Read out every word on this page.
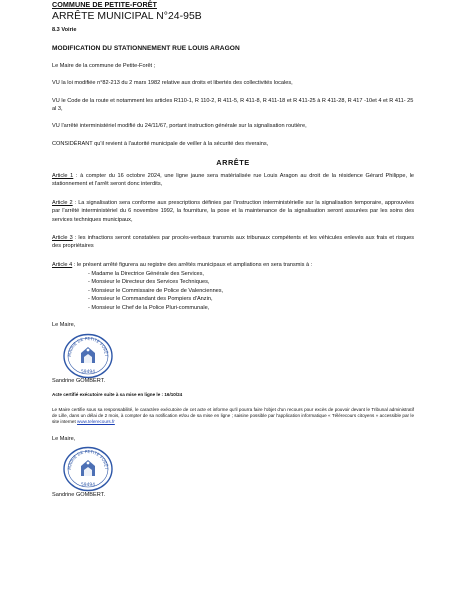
COMMUNE DE PETITE-FORÊT

ARRÊTE MUNICIPAL N°24-95B

8.3 Voirie

MODIFICATION DU STATIONNEMENT RUE LOUIS ARAGON

Le Maire de la commune de Petite-Forêt ;

VU la loi modifiée n°82-213 du 2 mars 1982 relative aux droits et libertés des collectivités locales,

VU le Code de la route et notamment les articles R110-1, R 110-2, R 411-5, R 411-8, R 411-18 et R 411-25 à R 411-28, R 417 -10et 4 et R 411- 25 al 3,

VU l'arrêté interministériel modifié du 24/11/67, portant instruction générale sur la signalisation routière,

CONSIDÉRANT qu'il revient à l'autorité municipale de veiller à la sécurité des riverains,

ARRÊTE

Article 1 : à compter du 16 octobre 2024, une ligne jaune sera matérialisée rue Louis Aragon au droit de la résidence Gérard Philippe, le stationnement et l'arrêt seront donc interdits,

Article 2 : La signalisation sera conforme aux prescriptions définies par l'instruction interministérielle sur la signalisation temporaire, approuvées par l'arrêté interministériel du 6 novembre 1992, la fourniture, la pose et la maintenance de la signalisation seront assurées par les soins des services techniques municipaux,

Article 3 : les infractions seront constatées par procès-verbaux transmis aux tribunaux compétents et les véhicules enlevés aux frais et risques des propriétaires

Article 4 : le présent arrêté figurera au registre des arrêtés municipaux et ampliations en sera transmis à :

- Madame la Directrice Générale des Services,
- Monsieur le Directeur des Services Techniques,
- Monsieur le Commissaire de Police de Valenciennes,
- Monsieur le Commandant des Pompiers d'Anzin,
- Monsieur le Chef de la Police Pluri-communale,

Le Maire,

MAIRIE DE PETITE FORÊT
59494

Sandrine GOMBERT.

Acte certifié exécutoire suite à sa mise en ligne le : 16/10/24

Le Maire certifie sous sa responsabilité, le caractère exécutoire de cet acte et informe qu'il pourra faire l'objet d'un recours pour excès de pouvoir devant le Tribunal administratif de Lille, dans un délai de 2 mois, à compter de sa notification et/ou de sa mise en ligne ; saisine possible par l'application informatique « Télérecours citoyens » accessible par le site internet www.telerecours.fr

Le Maire,

MAIRIE DE PETITE FORÊT
59494

Sandrine GOMBERT.
